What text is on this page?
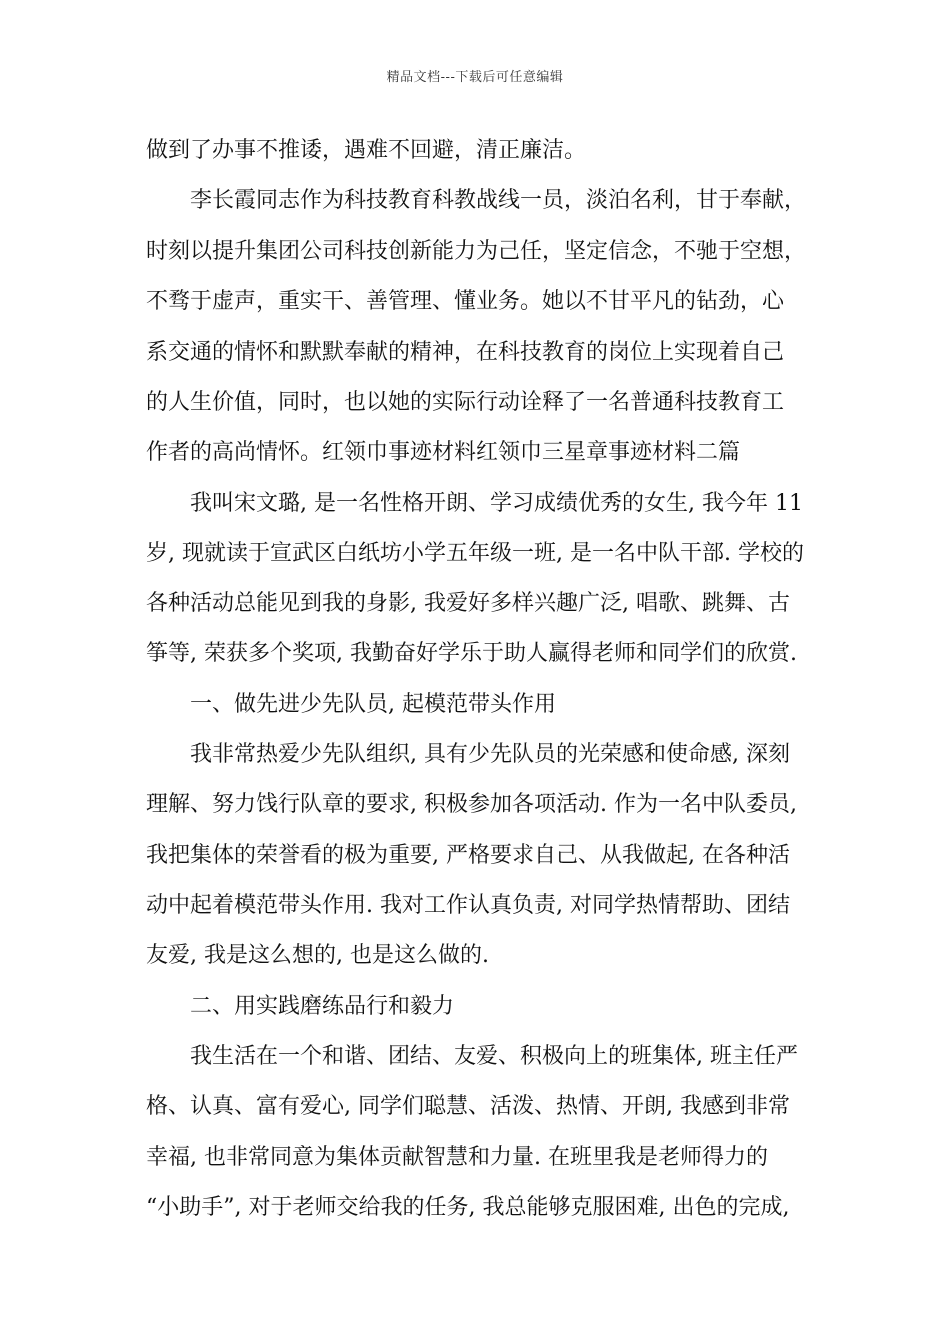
精品文档---下载后可任意编辑
做到了办事不推诿，遇难不回避，清正廉洁。
　　李长霞同志作为科技教育科教战线一员，淡泊名利，甘于奉献，
时刻以提升集团公司科技创新能力为己任，坚定信念，不驰于空想，
不骛于虚声，重实干、善管理、懂业务。她以不甘平凡的钻劲，心
系交通的情怀和默默奉献的精神，在科技教育的岗位上实现着自己
的人生价值，同时，也以她的实际行动诠释了一名普通科技教育工
作者的高尚情怀。红领巾事迹材料红领巾三星章事迹材料二篇
　　我叫宋文璐, 是一名性格开朗、学习成绩优秀的女生, 我今年 11
岁, 现就读于宣武区白纸坊小学五年级一班, 是一名中队干部. 学校的
各种活动总能见到我的身影, 我爱好多样兴趣广泛, 唱歌、跳舞、古
筝等, 荣获多个奖项, 我勤奋好学乐于助人赢得老师和同学们的欣赏.
　　一、做先进少先队员, 起模范带头作用
　　我非常热爱少先队组织, 具有少先队员的光荣感和使命感, 深刻
理解、努力饯行队章的要求, 积极参加各项活动. 作为一名中队委员,
我把集体的荣誉看的极为重要, 严格要求自己、从我做起, 在各种活
动中起着模范带头作用. 我对工作认真负责, 对同学热情帮助、团结
友爱, 我是这么想的, 也是这么做的.
　　二、用实践磨练品行和毅力
　　我生活在一个和谐、团结、友爱、积极向上的班集体, 班主任严
格、认真、富有爱心, 同学们聪慧、活泼、热情、开朗, 我感到非常
幸福, 也非常同意为集体贡献智慧和力量. 在班里我是老师得力的
“小助手”, 对于老师交给我的任务, 我总能够克服困难, 出色的完成,
